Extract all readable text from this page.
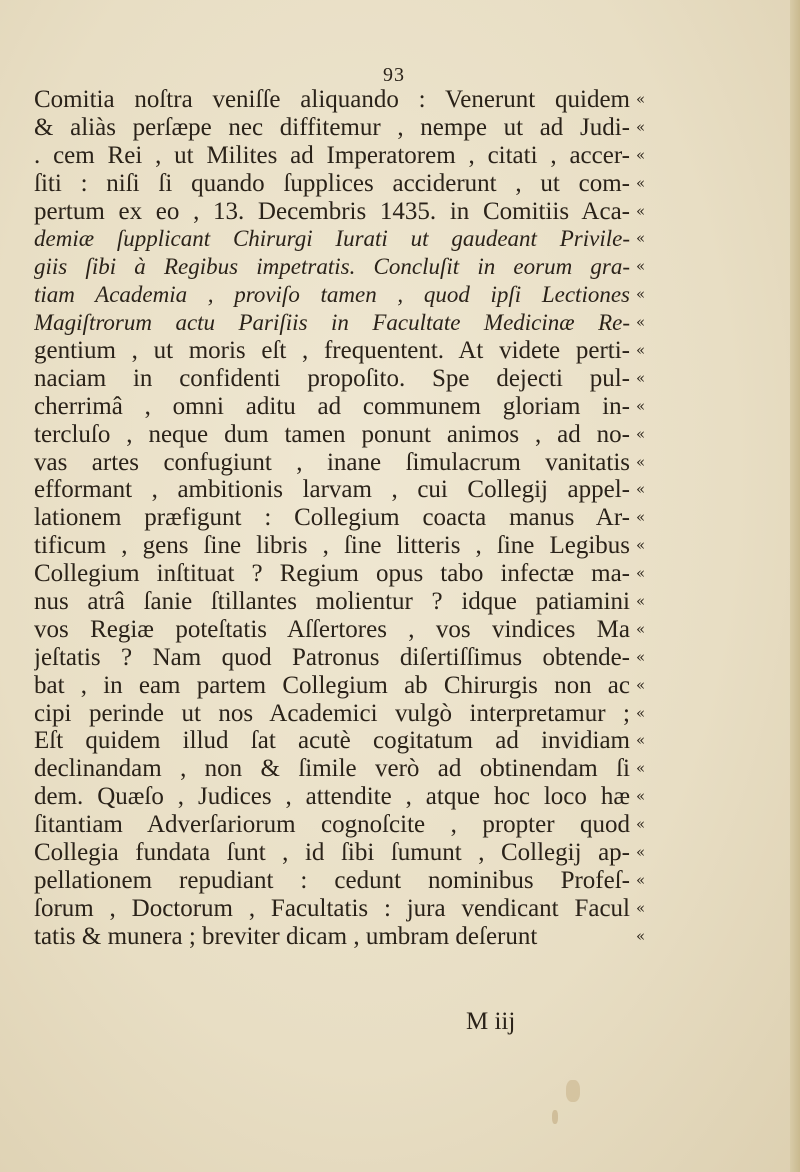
93
Comitia noſtra veniſſe aliquando : Venerunt quidem
& aliàs perſæpe nec diffitemur , nempe ut ad Judi-
. cem Rei , ut Milites ad Imperatorem , citati , accer-
ſiti : niſi ſi quando ſupplices acciderunt , ut com-
pertum ex eo , 13. Decembris 1435. in Comitiis Aca-
demiæ ſupplicant Chirurgi Iurati ut gaudeant Privile-
giis ſibi à Regibus impetratis. Concluſit in eorum gra-
tiam Academia , proviſo tamen , quod ipſi Lectiones
Magiſtrorum actu Pariſiis in Facultate Medicinæ Re-
gentium , ut moris eſt , frequentent. At videte perti-
naciam in confidenti propoſito. Spe dejecti pul-
cherrimâ , omni aditu ad communem gloriam in-
tercluſo , neque dum tamen ponunt animos , ad no-
vas artes confugiunt , inane ſimulacrum vanitatis
efformant , ambitionis larvam , cui Collegij appel-
lationem præfigunt : Collegium coacta manus Ar-
tificum , gens ſine libris , ſine litteris , ſine Legibus
Collegium inſtituat ? Regium opus tabo infectæ ma-
nus atrâ ſanie ſtillantes molientur ? idque patiamini
vos Regiæ poteſtatis Aſſertores , vos vindices Ma
jeſtatis ? Nam quod Patronus diſertiſſimus obtende-
bat , in eam partem Collegium ab Chirurgis non ac
cipi perinde ut nos Academici vulgò interpretamur ;
Eſt quidem illud ſat acutè cogitatum ad invidiam
declinandam , non & ſimile verò ad obtinendam ſi
dem. Quæſo , Judices , attendite , atque hoc loco hæ
ſitantiam Adverſariorum cognoſcite , propter quod
Collegia fundata ſunt , id ſibi ſumunt , Collegij ap-
pellationem repudiant : cedunt nominibus Profeſ-
ſorum , Doctorum , Facultatis : jura vendicant Facul
tatis & munera ; breviter dicam , umbram deſerunt
«
«
«
«
«
«
«
«
«
«
«
«
«
«
«
«
«
«
«
«
«
«
«
«
«
«
«
«
«
«
«
M iij
